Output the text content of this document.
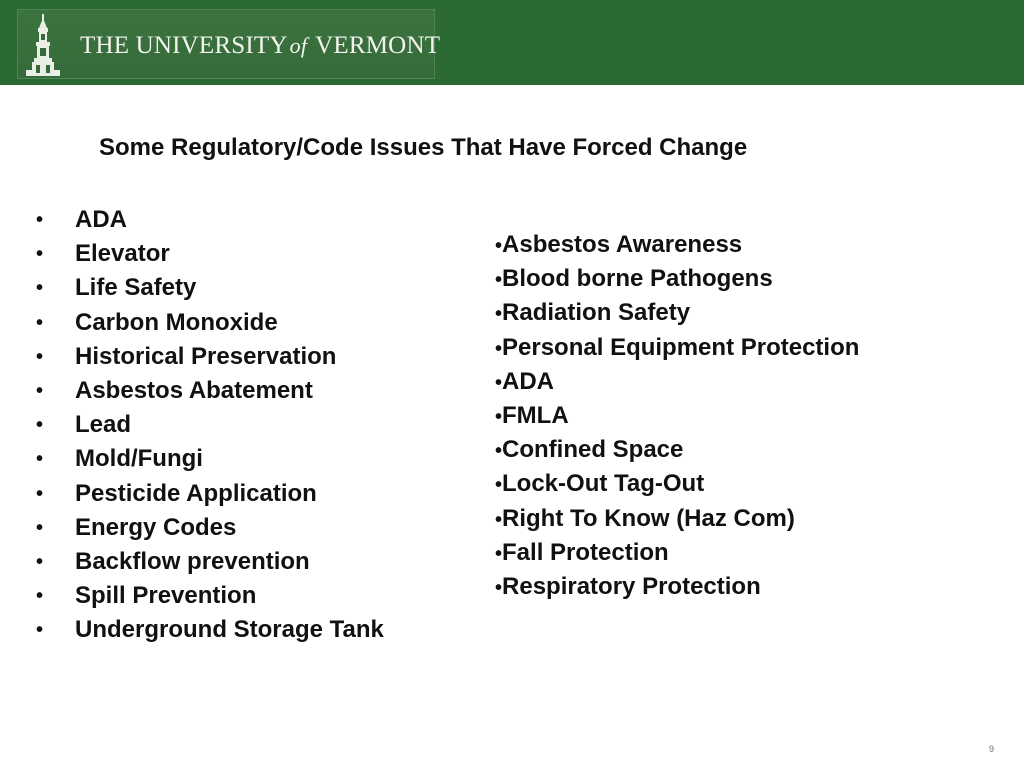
THE UNIVERSITYof VERMONT
Some Regulatory/Code Issues That Have Forced Change
• ADA
• Elevator
• Life Safety
• Carbon Monoxide
• Historical Preservation
• Asbestos Abatement
• Lead
• Mold/Fungi
• Pesticide Application
• Energy Codes
• Backflow prevention
• Spill Prevention
• Underground Storage Tank
•Asbestos Awareness
•Blood borne Pathogens
•Radiation Safety
•Personal Equipment Protection
•ADA
•FMLA
•Confined Space
•Lock-Out Tag-Out
•Right To Know (Haz Com)
•Fall Protection
•Respiratory Protection
9
